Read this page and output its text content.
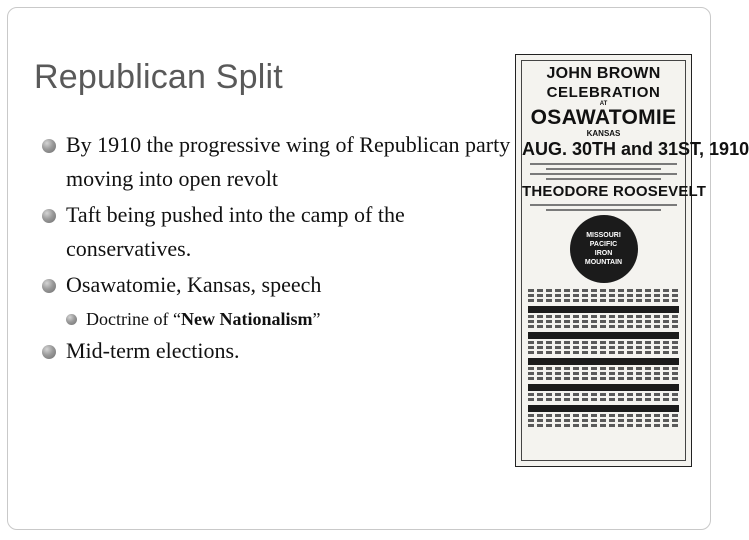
Republican Split
By 1910 the progressive wing of Republican party moving into open revolt
Taft being pushed into the camp of the conservatives.
Osawatomie, Kansas, speech
Doctrine of “New Nationalism”
Mid-term elections.
JOHN BROWN
CELEBRATION
AT
OSAWATOMIE
KANSAS
AUG. 30TH and 31ST, 1910
THEODORE ROOSEVELT
MISSOURI
PACIFIC
IRON
MOUNTAIN
